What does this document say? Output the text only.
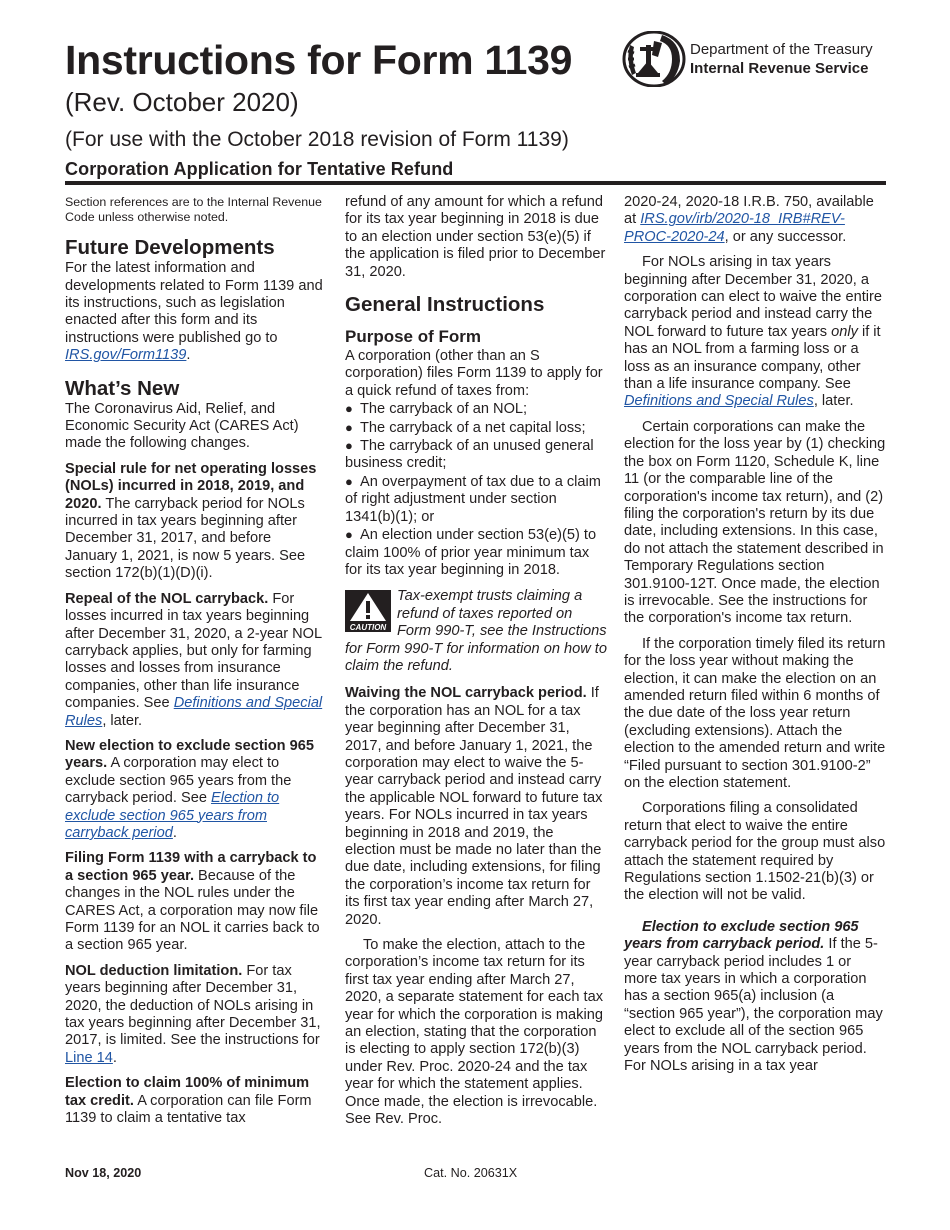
Instructions for Form 1139
(Rev. October 2020)
(For use with the October 2018 revision of Form 1139)
Corporation Application for Tentative Refund
Department of the Treasury
Internal Revenue Service

Section references are to the Internal Revenue Code unless otherwise noted.

Future Developments

For the latest information and developments related to Form 1139 and its instructions, such as legislation enacted after this form and its instructions were published go to IRS.gov/Form1139.

What’s New

The Coronavirus Aid, Relief, and Economic Security Act (CARES Act) made the following changes.

Special rule for net operating losses (NOLs) incurred in 2018, 2019, and 2020. The carryback period for NOLs incurred in tax years beginning after December 31, 2017, and before January 1, 2021, is now 5 years. See section 172(b)(1)(D)(i).

Repeal of the NOL carryback. For losses incurred in tax years beginning after December 31, 2020, a 2-year NOL carryback applies, but only for farming losses and losses from insurance companies, other than life insurance companies. See Definitions and Special Rules, later.

New election to exclude section 965 years. A corporation may elect to exclude section 965 years from the carryback period. See Election to exclude section 965 years from carryback period.

Filing Form 1139 with a carryback to a section 965 year. Because of the changes in the NOL rules under the CARES Act, a corporation may now file Form 1139 for an NOL it carries back to a section 965 year.

NOL deduction limitation. For tax years beginning after December 31, 2020, the deduction of NOLs arising in tax years beginning after December 31, 2017, is limited. See the instructions for Line 14.

Election to claim 100% of minimum tax credit. A corporation can file Form 1139 to claim a tentative tax

refund of any amount for which a refund for its tax year beginning in 2018 is due to an election under section 53(e)(5) if the application is filed prior to December 31, 2020.

General Instructions
Purpose of Form

A corporation (other than an S corporation) files Form 1139 to apply for a quick refund of taxes from:

● The carryback of an NOL;
● The carryback of a net capital loss;
● The carryback of an unused general business credit;
● An overpayment of tax due to a claim of right adjustment under section 1341(b)(1); or
● An election under section 53(e)(5) to claim 100% of prior year minimum tax for its tax year beginning in 2018.
CAUTION
Tax-exempt trusts claiming a refund of taxes reported on Form 990-T, see the Instructions for Form 990-T for information on how to claim the refund.

Waiving the NOL carryback period. If the corporation has an NOL for a tax year beginning after December 31, 2017, and before January 1, 2021, the corporation may elect to waive the 5-year carryback period and instead carry the applicable NOL forward to future tax years. For NOLs incurred in tax years beginning in 2018 and 2019, the election must be made no later than the due date, including extensions, for filing the corporation’s income tax return for its first tax year ending after March 27, 2020.

To make the election, attach to the corporation’s income tax return for its first tax year ending after March 27, 2020, a separate statement for each tax year for which the corporation is making an election, stating that the corporation is electing to apply section 172(b)(3) under Rev. Proc. 2020-24 and the tax year for which the statement applies. Once made, the election is irrevocable. See Rev. Proc.

2020-24, 2020-18 I.R.B. 750, available at IRS.gov/irb/2020-18_IRB#REV-PROC-2020-24, or any successor.

For NOLs arising in tax years beginning after December 31, 2020, a corporation can elect to waive the entire carryback period and instead carry the NOL forward to future tax years only if it has an NOL from a farming loss or a loss as an insurance company, other than a life insurance company. See Definitions and Special Rules, later.

Certain corporations can make the election for the loss year by (1) checking the box on Form 1120, Schedule K, line 11 (or the comparable line of the corporation's income tax return), and (2) filing the corporation's return by its due date, including extensions. In this case, do not attach the statement described in Temporary Regulations section 301.9100-12T. Once made, the election is irrevocable. See the instructions for the corporation's income tax return.

If the corporation timely filed its return for the loss year without making the election, it can make the election on an amended return filed within 6 months of the due date of the loss year return (excluding extensions). Attach the election to the amended return and write “Filed pursuant to section 301.9100-2” on the election statement.

Corporations filing a consolidated return that elect to waive the entire carryback period for the group must also attach the statement required by Regulations section 1.1502-21(b)(3) or the election will not be valid.

Election to exclude section 965 years from carryback period. If the 5-year carryback period includes 1 or more tax years in which a corporation has a section 965(a) inclusion (a “section 965 year”), the corporation may elect to exclude all of the section 965 years from the NOL carryback period. For NOLs arising in a tax year

Nov 18, 2020	Cat. No. 20631X
